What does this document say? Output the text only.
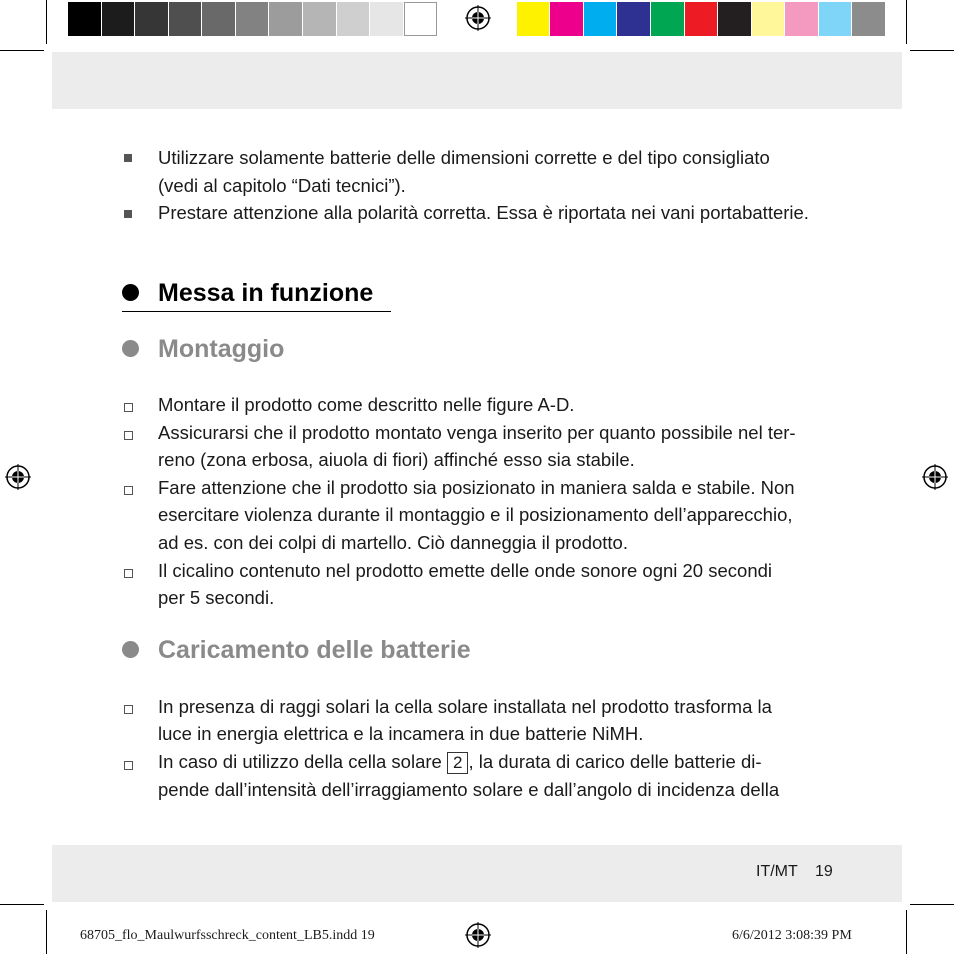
Utilizzare solamente batterie delle dimensioni corrette e del tipo consigliato
(vedi al capitolo “Dati tecnici”).
Prestare attenzione alla polarità corretta. Essa è riportata nei vani portabatterie.
Messa in funzione
Montaggio
Montare il prodotto come descritto nelle figure A-D.
Assicurarsi che il prodotto montato venga inserito per quanto possibile nel ter-
reno (zona erbosa, aiuola di fiori) affinché esso sia stabile.
Fare attenzione che il prodotto sia posizionato in maniera salda e stabile. Non
esercitare violenza durante il montaggio e il posizionamento dell’apparecchio,
ad es. con dei colpi di martello. Ciò danneggia il prodotto.
Il cicalino contenuto nel prodotto emette delle onde sonore ogni 20 secondi
per 5 secondi.
Caricamento delle batterie
In presenza di raggi solari la cella solare installata nel prodotto trasforma la
luce in energia elettrica e la incamera in due batterie NiMH.
In caso di utilizzo della cella solare 2 , la durata di carico delle batterie di-
pende dall’intensità dell’irraggiamento solare e dall’angolo di incidenza della
IT/MT 19
68705_flo_Maulwurfsschreck_content_LB5.indd 19	6/6/2012 3:08:39 PM
